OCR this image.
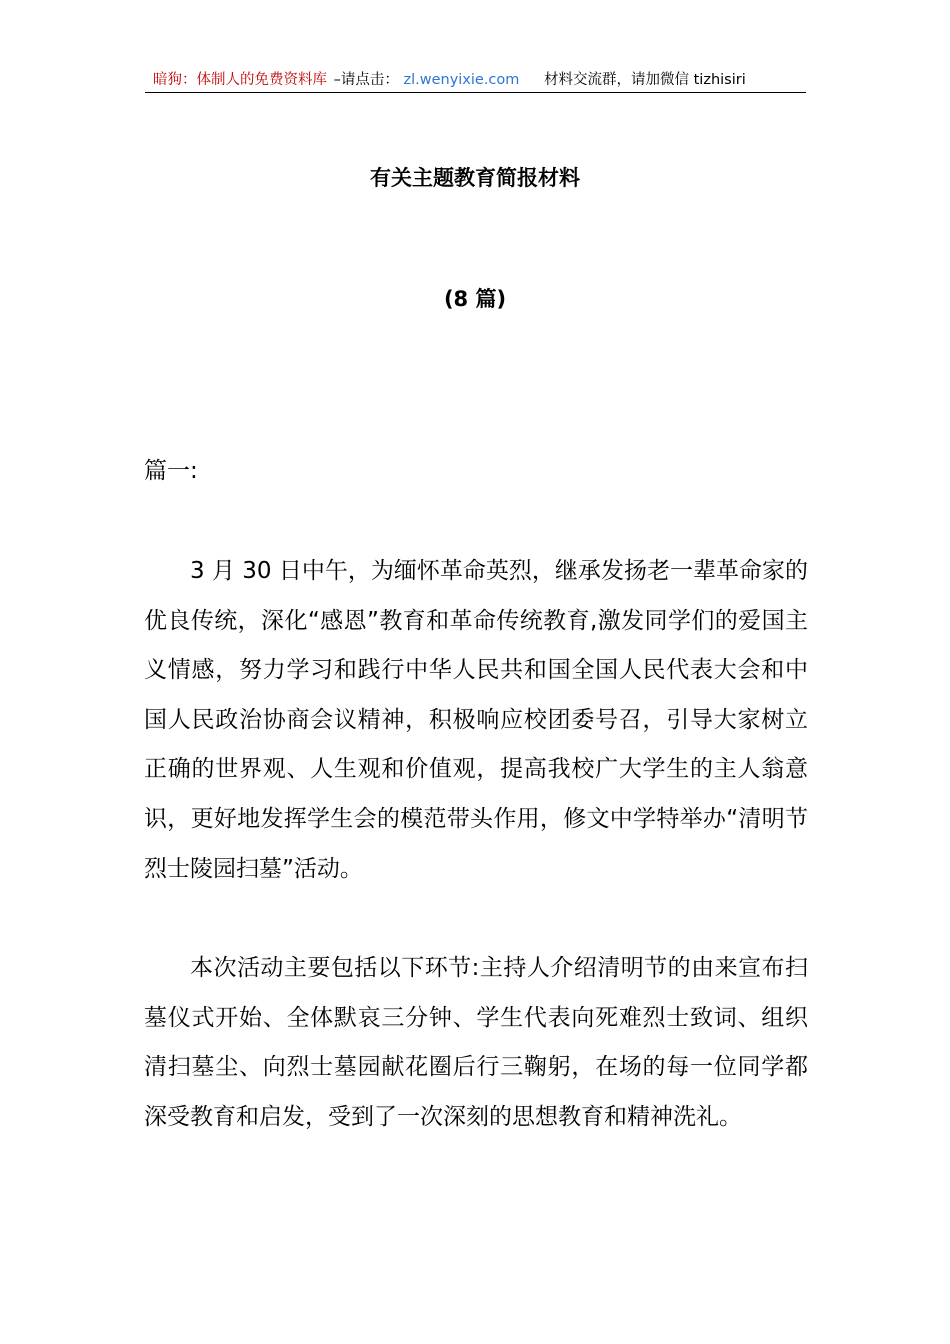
暗狗：体制人的免费资料库 –请点击： zl.wenyixie.com 材料交流群，请加微信 tizhisiri
有关主题教育简报材料
(8 篇)
篇一:

3 月 30 日中午，为缅怀革命英烈，继承发扬老一辈革命家的优良传统，深化“感恩”教育和革命传统教育,激发同学们的爱国主义情感，努力学习和践行中华人民共和国全国人民代表大会和中国人民政治协商会议精神，积极响应校团委号召，引导大家树立正确的世界观、人生观和价值观，提高我校广大学生的主人翁意识，更好地发挥学生会的模范带头作用，修文中学特举办“清明节烈士陵园扫墓”活动。

本次活动主要包括以下环节:主持人介绍清明节的由来宣布扫墓仪式开始、全体默哀三分钟、学生代表向死难烈士致词、组织清扫墓尘、向烈士墓园献花圈后行三鞠躬，在场的每一位同学都深受教育和启发，受到了一次深刻的思想教育和精神洗礼。
